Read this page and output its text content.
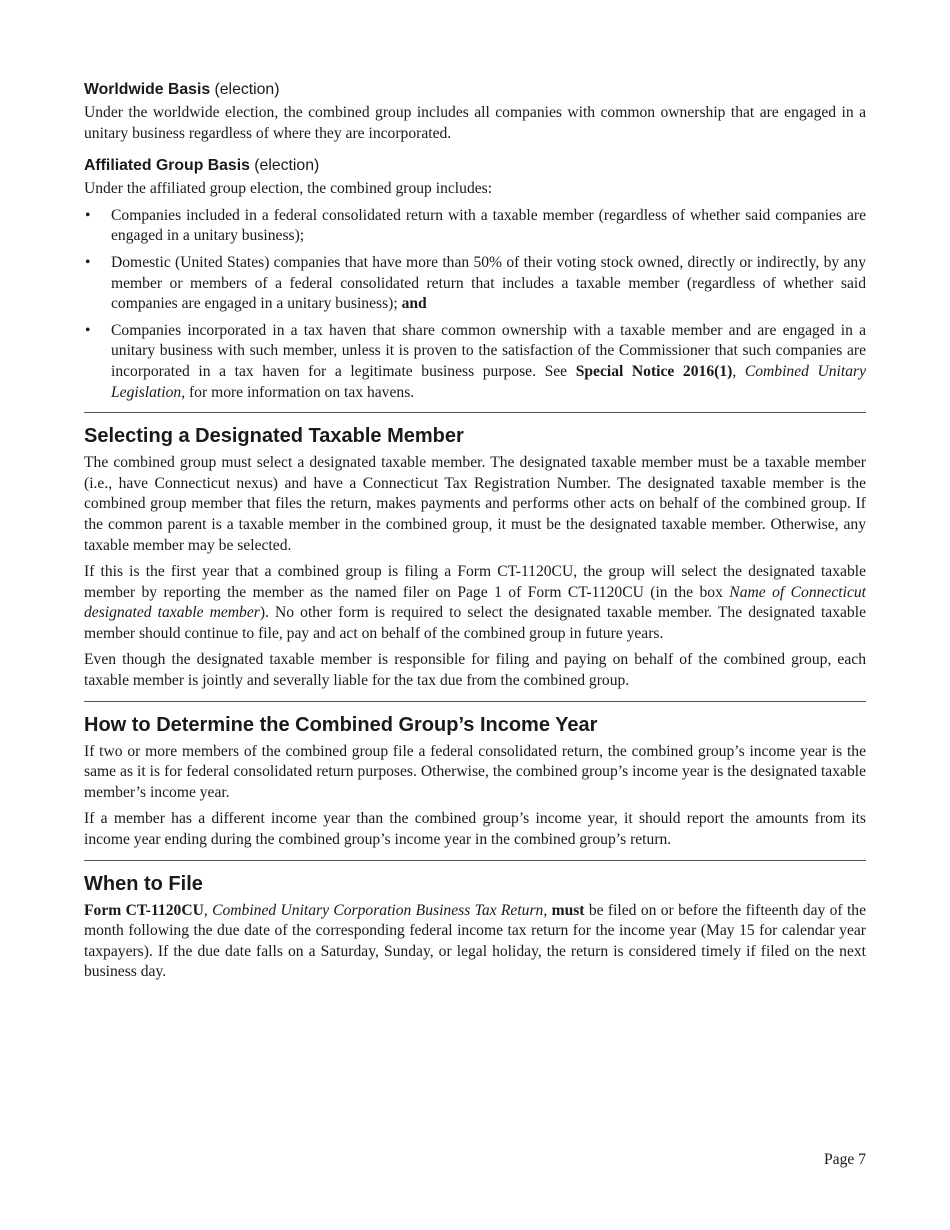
Worldwide Basis (election)

Under the worldwide election, the combined group includes all companies with common ownership that are engaged in a unitary business regardless of where they are incorporated.

Affiliated Group Basis (election)

Under the affiliated group election, the combined group includes:

• Companies included in a federal consolidated return with a taxable member (regardless of whether said companies are engaged in a unitary business);
• Domestic (United States) companies that have more than 50% of their voting stock owned, directly or indirectly, by any member or members of a federal consolidated return that includes a taxable member (regardless of whether said companies are engaged in a unitary business); and
• Companies incorporated in a tax haven that share common ownership with a taxable member and are engaged in a unitary business with such member, unless it is proven to the satisfaction of the Commissioner that such companies are incorporated in a tax haven for a legitimate business purpose. See Special Notice 2016(1), Combined Unitary Legislation, for more information on tax havens.
Selecting a Designated Taxable Member

The combined group must select a designated taxable member. The designated taxable member must be a taxable member (i.e., have Connecticut nexus) and have a Connecticut Tax Registration Number. The designated taxable member is the combined group member that files the return, makes payments and performs other acts on behalf of the combined group. If the common parent is a taxable member in the combined group, it must be the designated taxable member. Otherwise, any taxable member may be selected.

If this is the first year that a combined group is filing a Form CT-1120CU, the group will select the designated taxable member by reporting the member as the named filer on Page 1 of Form CT-1120CU (in the box Name of Connecticut designated taxable member). No other form is required to select the designated taxable member. The designated taxable member should continue to file, pay and act on behalf of the combined group in future years.

Even though the designated taxable member is responsible for filing and paying on behalf of the combined group, each taxable member is jointly and severally liable for the tax due from the combined group.

How to Determine the Combined Group’s Income Year

If two or more members of the combined group file a federal consolidated return, the combined group’s income year is the same as it is for federal consolidated return purposes. Otherwise, the combined group’s income year is the designated taxable member’s income year.

If a member has a different income year than the combined group’s income year, it should report the amounts from its income year ending during the combined group’s income year in the combined group’s return.

When to File

Form CT-1120CU, Combined Unitary Corporation Business Tax Return, must be filed on or before the fifteenth day of the month following the due date of the corresponding federal income tax return for the income year (May 15 for calendar year taxpayers). If the due date falls on a Saturday, Sunday, or legal holiday, the return is considered timely if filed on the next business day.

Page 7
